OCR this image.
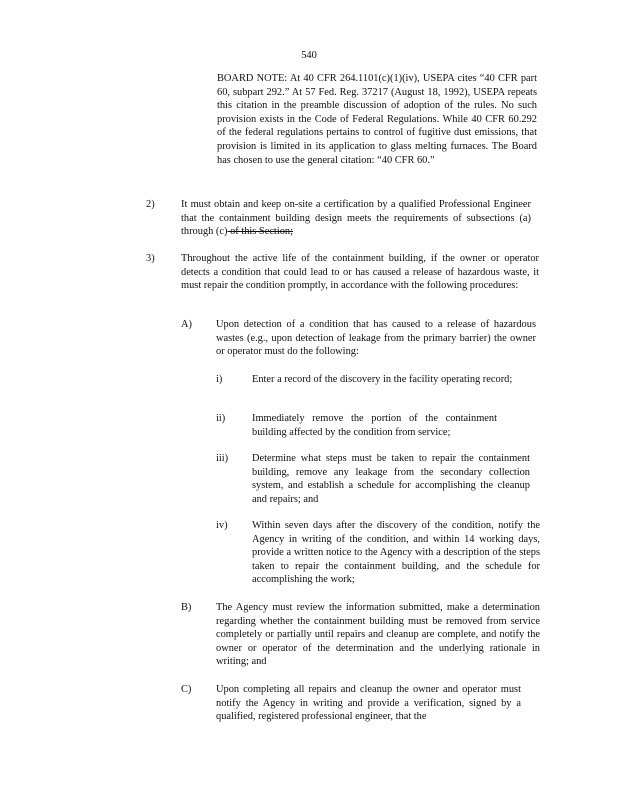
540
BOARD NOTE: At 40 CFR 264.1101(c)(1)(iv), USEPA cites “40 CFR part 60, subpart 292.” At 57 Fed. Reg. 37217 (August 18, 1992), USEPA repeats this citation in the preamble discussion of adoption of the rules. No such provision exists in the Code of Federal Regulations. While 40 CFR 60.292 of the federal regulations pertains to control of fugitive dust emissions, that provision is limited in its application to glass melting furnaces. The Board has chosen to use the general citation: “40 CFR 60.”
2)	It must obtain and keep on-site a certification by a qualified Professional Engineer that the containment building design meets the requirements of subsections (a) through (c) of this Section;
3)	Throughout the active life of the containment building, if the owner or operator detects a condition that could lead to or has caused a release of hazardous waste, it must repair the condition promptly, in accordance with the following procedures:
A) Upon detection of a condition that has caused to a release of hazardous wastes (e.g., upon detection of leakage from the primary barrier) the owner or operator must do the following:
i)	Enter a record of the discovery in the facility operating record;
ii)	Immediately remove the portion of the containment building affected by the condition from service;
iii) Determine what steps must be taken to repair the containment building, remove any leakage from the secondary collection system, and establish a schedule for accomplishing the cleanup and repairs; and
iv) Within seven days after the discovery of the condition, notify the Agency in writing of the condition, and within 14 working days, provide a written notice to the Agency with a description of the steps taken to repair the containment building, and the schedule for accomplishing the work;
B) The Agency must review the information submitted, make a determination regarding whether the containment building must be removed from service completely or partially until repairs and cleanup are complete, and notify the owner or operator of the determination and the underlying rationale in writing; and
C) Upon completing all repairs and cleanup the owner and operator must notify the Agency in writing and provide a verification, signed by a qualified, registered professional engineer, that the
